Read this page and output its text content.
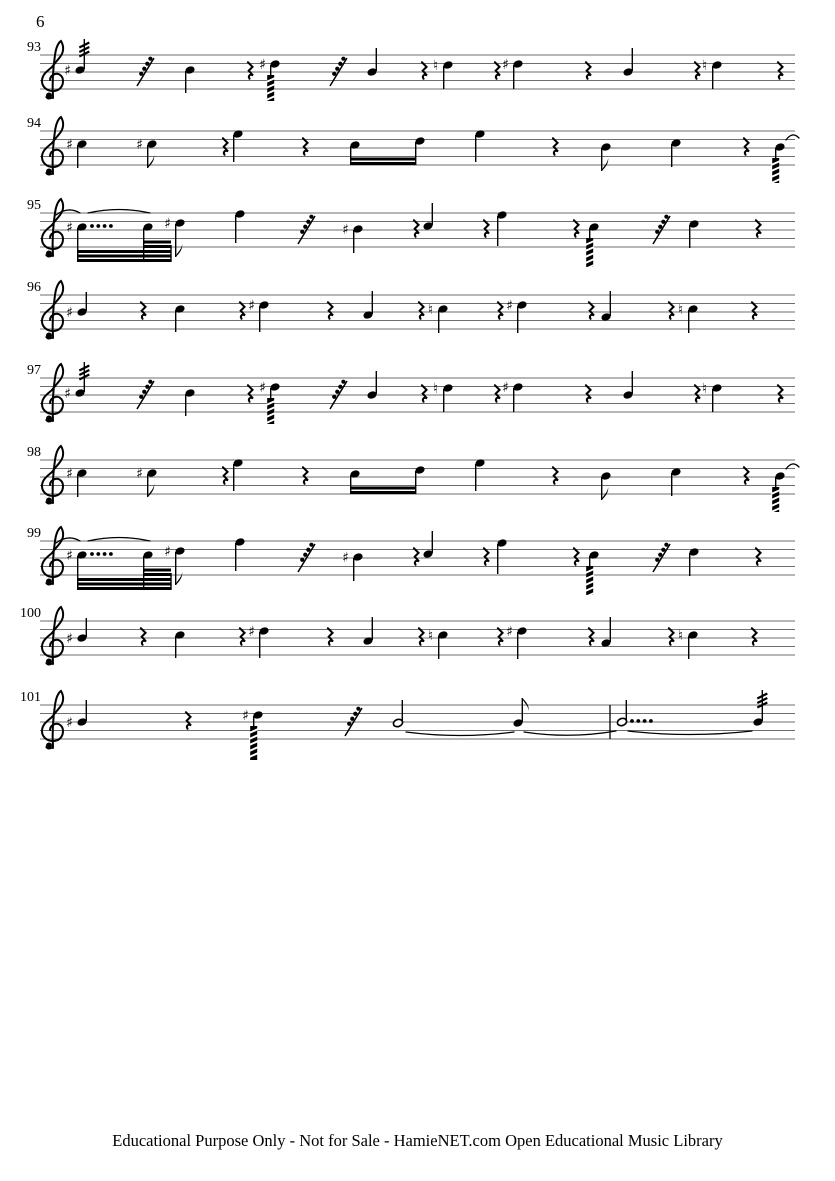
6
93
♯	♯	♮	♯	♮
94
♯	♯
95
♯	♯	♯
96
♯	♯	♮	♯	♮
97
♯	♯	♮	♯	♮
98
♯	♯
99
♯	♯	♯
100
♯	♯	♮	♯	♮
101
♯	♯
Educational Purpose Only - Not for Sale - HamieNET.com Open Educational Music Library
